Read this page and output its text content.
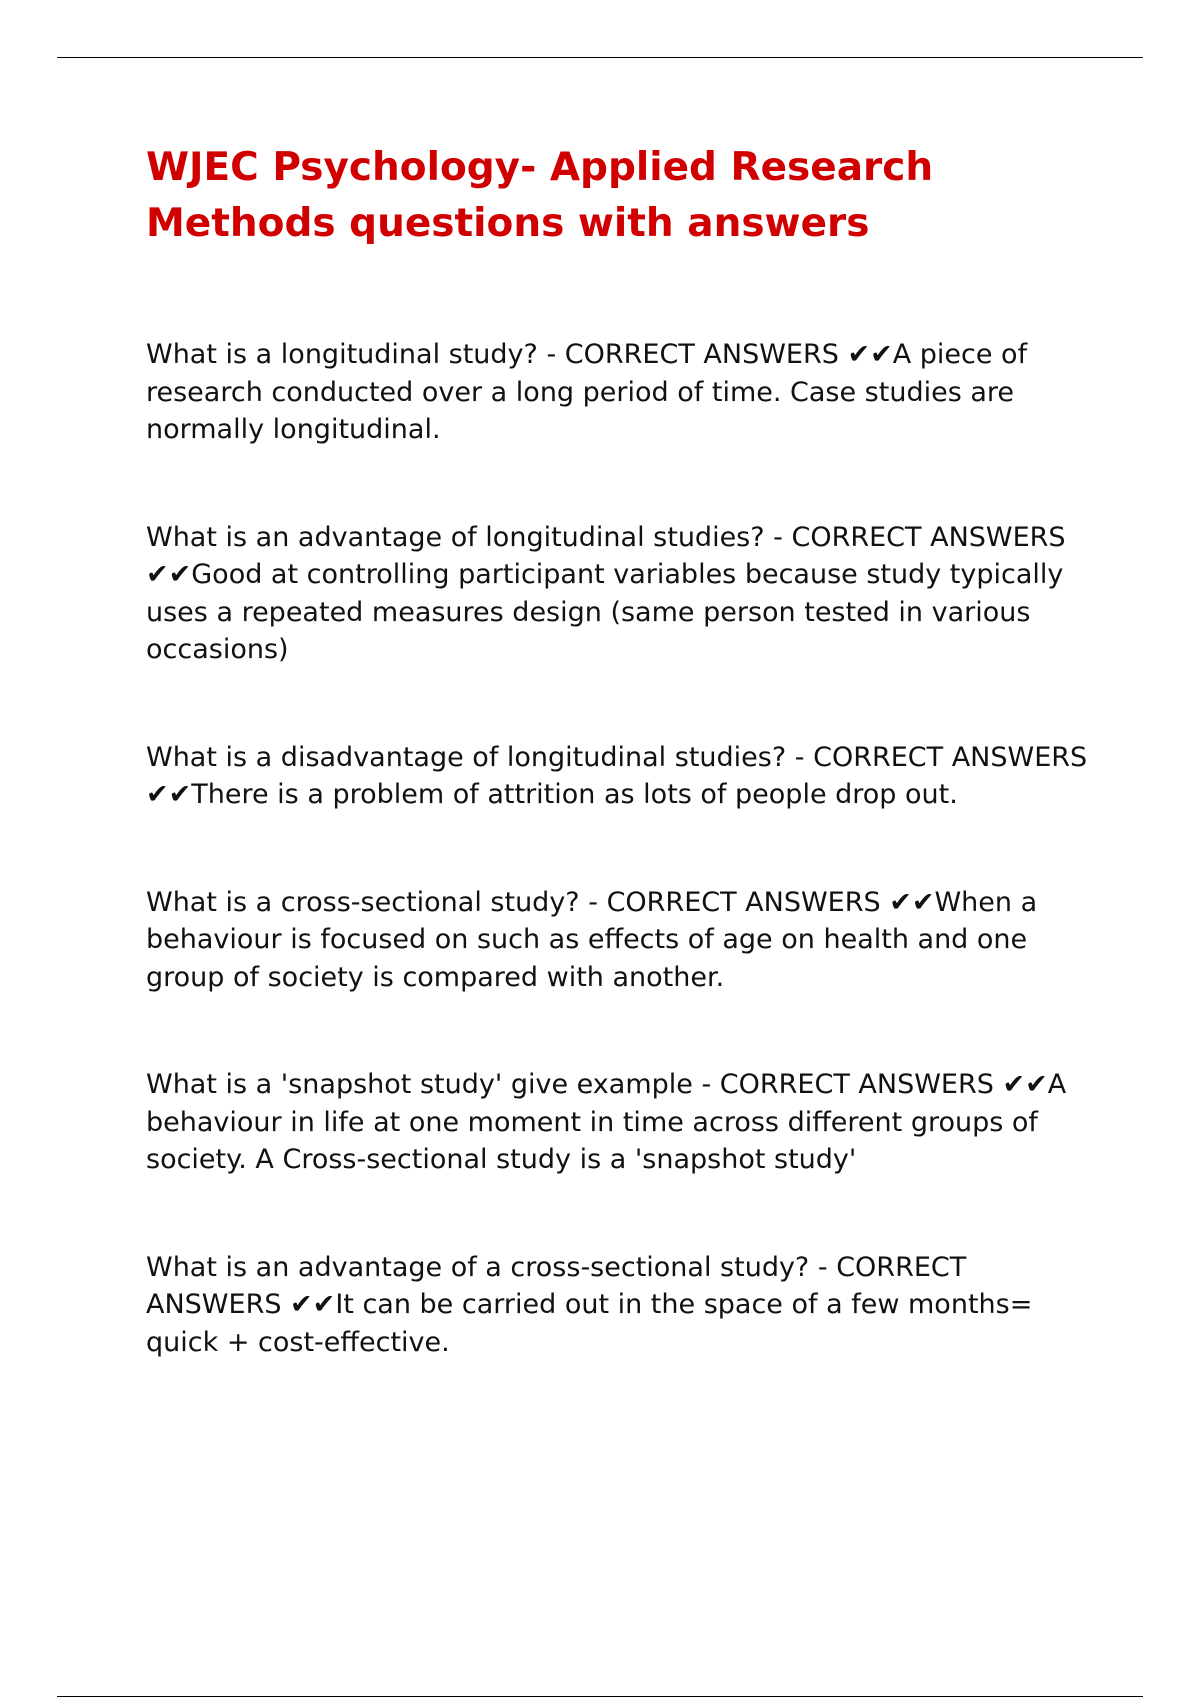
WJEC Psychology- Applied Research Methods questions with answers

What is a longitudinal study? - CORRECT ANSWERS ✔✔A piece of research conducted over a long period of time. Case studies are normally longitudinal.

What is an advantage of longitudinal studies? - CORRECT ANSWERS ✔✔Good at controlling participant variables because study typically uses a repeated measures design (same person tested in various occasions)

What is a disadvantage of longitudinal studies? - CORRECT ANSWERS ✔✔There is a problem of attrition as lots of people drop out.

What is a cross-sectional study? - CORRECT ANSWERS ✔✔When a behaviour is focused on such as effects of age on health and one group of society is compared with another.

What is a 'snapshot study' give example - CORRECT ANSWERS ✔✔A behaviour in life at one moment in time across different groups of society. A Cross-sectional study is a 'snapshot study'

What is an advantage of a cross-sectional study? - CORRECT ANSWERS ✔✔It can be carried out in the space of a few months= quick + cost-effective.
